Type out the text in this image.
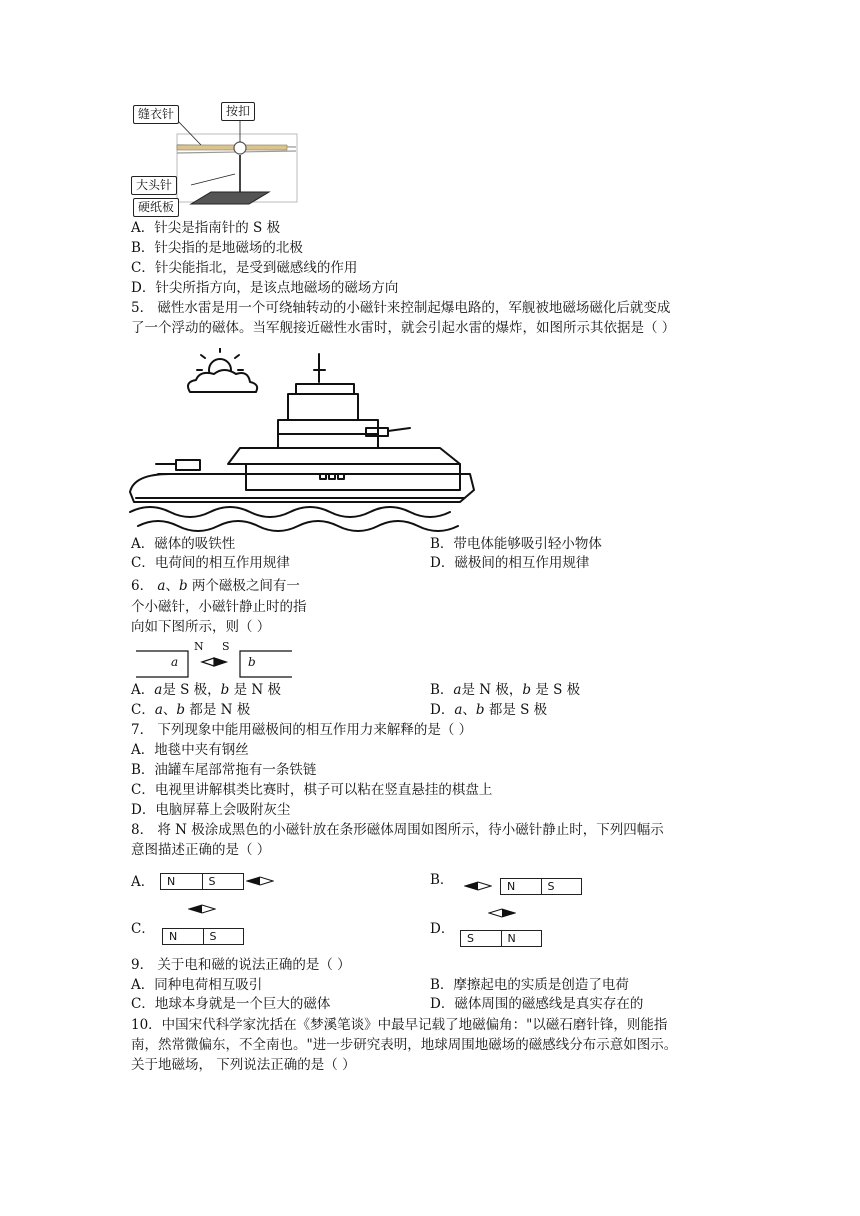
缝衣针	按扣
大头针
硬纸板
A．针尖是指南针的 S 极
B．针尖指的是地磁场的北极
C．针尖能指北，是受到磁感线的作用
D．针尖所指方向，是该点地磁场的磁场方向
5． 磁性水雷是用一个可绕轴转动的小磁针来控制起爆电路的，军舰被地磁场磁化后就变成
了一个浮动的磁体。当军舰接近磁性水雷时，就会引起水雷的爆炸，如图所示其依据是（ ）
A．磁体的吸铁性	B．带电体能够吸引轻小物体
C．电荷间的相互作用规律	D．磁极间的相互作用规律
6． a、b 两个磁极之间有一
个小磁针，小磁针静止时的指
向如下图所示，则（ ）
a	b
N S
A．a是 S 极，b 是 N 极	B．a是 N 极，b 是 S 极
C．a、b 都是 N 极	D．a、b 都是 S 极
7． 下列现象中能用磁极间的相互作用力来解释的是（ ）
A．地毯中夹有钢丝
B．油罐车尾部常拖有一条铁链
C．电视里讲解棋类比赛时，棋子可以粘在竖直悬挂的棋盘上
D．电脑屏幕上会吸附灰尘
8． 将 N 极涂成黑色的小磁针放在条形磁体周围如图所示，待小磁针静止时，下列四幅示
意图描述正确的是（ ）
A．	N	S	B．	N	S
C．	N	S	D．
S	N
9． 关于电和磁的说法正确的是（ ）
A．同种电荷相互吸引	B．摩擦起电的实质是创造了电荷
C．地球本身就是一个巨大的磁体	D．磁体周围的磁感线是真实存在的
10．中国宋代科学家沈括在《梦溪笔谈》中最早记载了地磁偏角："以磁石磨针锋，则能指
南，然常微偏东，不全南也。"进一步研究表明，地球周围地磁场的磁感线分布示意如图示。
关于地磁场， 下列说法正确的是（ ）
